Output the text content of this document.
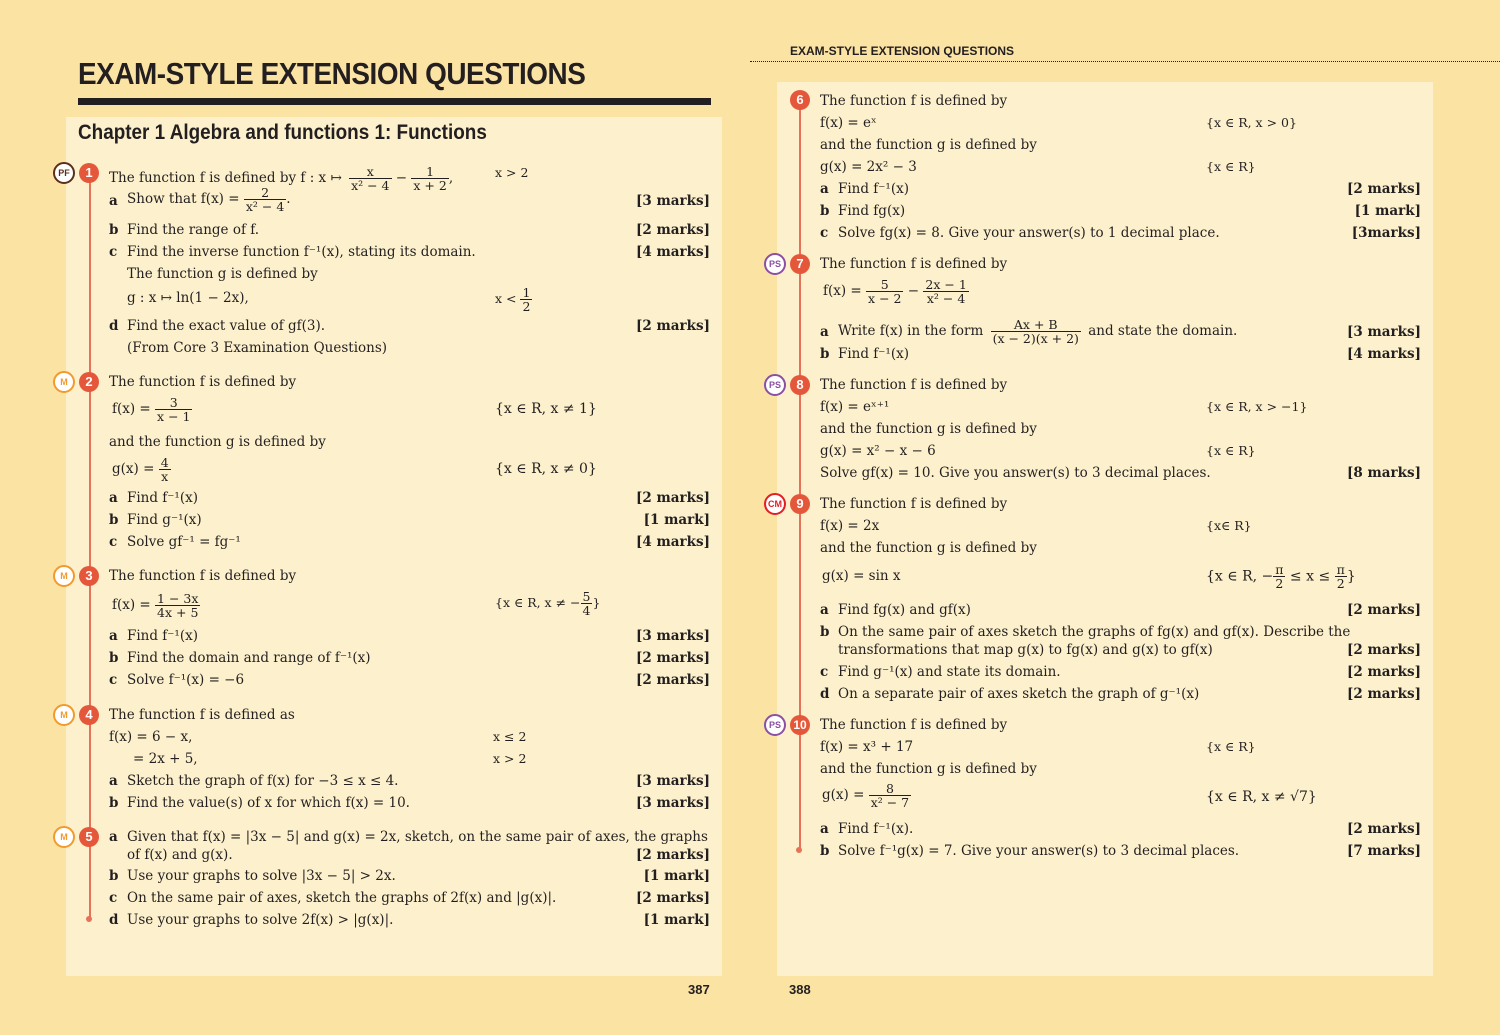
EXAM-STYLE EXTENSION QUESTIONS
Chapter 1 Algebra and functions 1: Functions
PF	1	The function f is defined by f : x ↦ $\frac{x}{\text{x² − 4}} - \frac{1}{x + 2}$ ,	x > 2
a Show that $f(x) = \frac{2}{\text{x² − 4}}$ .	[3 marks]
b Find the range of f.	[2 marks]
c Find the inverse function f⁻¹(x), stating its domain.	[4 marks]
The function g is defined by
g : x ↦ ln(1 − 2x),	$x < \frac{1}{2}$
d Find the exact value of gf(3).	[2 marks]
(From Core 3 Examination Questions)
M	2	The function f is defined by
$f(x) = \frac{3}{x - 1}$	{x ∈ R, x ≠ 1}
and the function g is defined by
$g(x) = \frac{4}{x}$	{x ∈ R, x ≠ 0}
a Find f⁻¹(x)	[2 marks]
b Find g⁻¹(x)	[1 mark]
c Solve gf⁻¹ = fg⁻¹	[4 marks]
M	3	The function f is defined by
$f(x) = \frac{1 - 3x}{4x + 5}$	{x ∈ R, x ≠ − $\frac{5}{4}$ }
a Find f⁻¹(x)	[3 marks]
b Find the domain and range of f⁻¹(x)	[2 marks]
c Solve f⁻¹(x) = −6	[2 marks]
M	4	The function f is defined as
f(x) = 6 − x,	x ≤ 2
= 2x + 5,	x > 2
a Sketch the graph of f(x) for −3 ≤ x ≤ 4.	[3 marks]
b Find the value(s) of x for which f(x) = 10.	[3 marks]
M	5	a Given that f(x) = |3x − 5| and g(x) = 2x, sketch, on the same pair of axes, the graphs
of f(x) and g(x).	[2 marks]
b Use your graphs to solve |3x − 5| > 2x.	[1 mark]
c On the same pair of axes, sketch the graphs of 2f(x) and |g(x)|.	[2 marks]
d Use your graphs to solve 2f(x) > |g(x)|.	[1 mark]
387
EXAM-STYLE EXTENSION QUESTIONS
6	The function f is defined by
f(x) = eˣ	{x ∈ R, x > 0}
and the function g is defined by
g(x) = 2x² − 3	{x ∈ R}
a Find f⁻¹(x)	[2 marks]
b Find fg(x)	[1 mark]
c Solve fg(x) = 8. Give your answer(s) to 1 decimal place.	[3marks]
PS	7	The function f is defined by
$f(x) = \frac{5}{x - 2} - \frac{2x - 1}{\text{x² − 4}}$
a Write f(x) in the form $\frac{Ax + B}{(x - 2)(x + 2)}$ and state the domain.	[3 marks]
b Find f⁻¹(x)	[4 marks]
PS	8	The function f is defined by
f(x) = eˣ⁺¹	{x ∈ R, x > −1}
and the function g is defined by
g(x) = x² − x − 6	{x ∈ R}
Solve gf(x) = 10. Give you answer(s) to 3 decimal places.	[8 marks]
CM	9	The function f is defined by
f(x) = 2x	{x∈ R}
and the function g is defined by
g(x) = sin x	{x ∈ R, − $\frac{\pi}{2} \le x \le \frac{\pi}{2}$ }
a Find fg(x) and gf(x)	[2 marks]
b On the same pair of axes sketch the graphs of fg(x) and gf(x). Describe the
transformations that map g(x) to fg(x) and g(x) to gf(x)	[2 marks]
c Find g⁻¹(x) and state its domain.	[2 marks]
d On a separate pair of axes sketch the graph of g⁻¹(x)	[2 marks]
PS	10 The function f is defined by
f(x) = x³ + 17	{x ∈ R}
and the function g is defined by
$g(x) = \frac{8}{\text{x² − 7}}$	{x ∈ R, x ≠ √7}
a Find f⁻¹(x).	[2 marks]
b Solve f⁻¹g(x) = 7. Give your answer(s) to 3 decimal places.	[7 marks]
388
